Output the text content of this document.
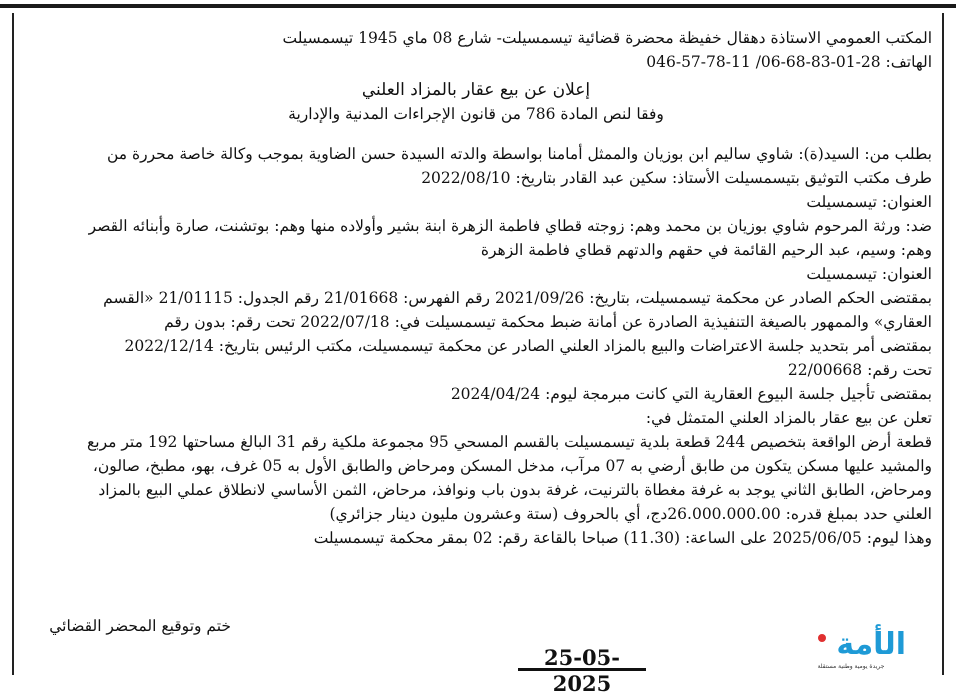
المكتب العمومي الاستاذة دهقال خفيظة محضرة قضائية تيسمسيلت- شارع 08 ماي 1945 تيسمسيلت
الهاتف: 28-01-83-68-06/ 11-78-57-046
إعلان عن بيع عقار بالمزاد العلني
وفقا لنص المادة 786 من قانون الإجراءات المدنية والإدارية
بطلب من: السيد(ة): شاوي ساليم ابن بوزيان والممثل أمامنا بواسطة والدته السيدة حسن الضاوية بموجب وكالة خاصة محررة من
طرف مكتب التوثيق بتيسمسيلت الأستاذ: سكين عبد القادر بتاريخ: 2022/08/10
العنوان: تيسمسيلت
ضد: ورثة المرحوم شاوي بوزيان بن محمد وهم: زوجته قطاي فاطمة الزهرة ابنة بشير وأولاده منها وهم: بوتشنت، صارة وأبنائه القصر
وهم: وسيم، عبد الرحيم القائمة في حقهم والدتهم قطاي فاطمة الزهرة
العنوان: تيسمسيلت
بمقتضى الحكم الصادر عن محكمة تيسمسيلت، بتاريخ: 2021/09/26 رقم الفهرس: 21/01668 رقم الجدول: 21/01115 «القسم
العقاري» والممهور بالصيغة التنفيذية الصادرة عن أمانة ضبط محكمة تيسمسيلت في: 2022/07/18 تحت رقم: بدون رقم
بمقتضى أمر بتحديد جلسة الاعتراضات والبيع بالمزاد العلني الصادر عن محكمة تيسمسيلت، مكتب الرئيس بتاريخ: 2022/12/14
تحت رقم: 22/00668
بمقتضى تأجيل جلسة البيوع العقارية التي كانت مبرمجة ليوم: 2024/04/24
تعلن عن بيع عقار بالمزاد العلني المتمثل في:
قطعة أرض الواقعة بتخصيص 244 قطعة بلدية تيسمسيلت بالقسم المسحي 95 مجموعة ملكية رقم 31 البالغ مساحتها 192 متر مربع
والمشيد عليها مسكن يتكون من طابق أرضي به 07 مرآب، مدخل المسكن ومرحاض والطابق الأول به 05 غرف، بهو، مطبخ، صالون،
ومرحاض، الطابق الثاني يوجد به غرفة مغطاة بالترنيت، غرفة بدون باب ونوافذ، مرحاض، الثمن الأساسي لانطلاق عملي البيع بالمزاد
العلني حدد بمبلغ قدره: 26.000.000.00دج، أي بالحروف (ستة وعشرون مليون دينار جزائري)
وهذا ليوم: 2025/06/05 على الساعة: (11.30) صباحا بالقاعة رقم: 02 بمقر محكمة تيسمسيلت
ختم وتوقيع المحضر القضائي
25-05-2025
الأمة
جريدة يومية وطنية مستقلة
